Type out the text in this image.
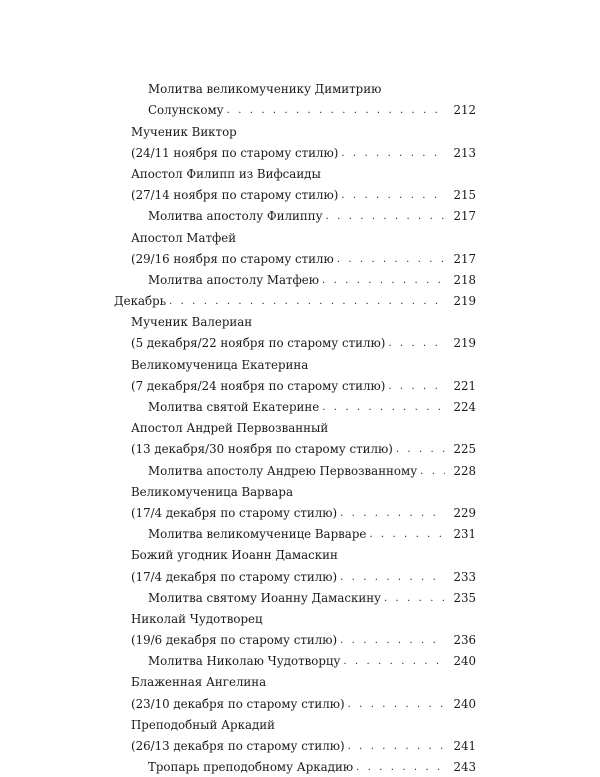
Молитва великомученику Димитрию
Солунскому . . .	212
Мученик Виктор
(24/11 ноября по старому стилю) . . .	213
Апостол Филипп из Вифсаиды
(27/14 ноября по старому стилю) . . .	215
Молитва апостолу Филиппу . . .	217
Апостол Матфей
(29/16 ноября по старому стилю . . .	217
Молитва апостолу Матфею . . .	218
Декабрь . . .	219
Мученик Валериан
(5 декабря/22 ноября по старому стилю) . . .	219
Великомученица Екатерина
(7 декабря/24 ноября по старому стилю) . . .	221
Молитва святой Екатерине . . .	224
Апостол Андрей Первозванный
(13 декабря/30 ноября по старому стилю) . . .	225
Молитва апостолу Андрею Первозванному . . .	228
Великомученица Варвара
(17/4 декабря по старому стилю) . . .	229
Молитва великомученице Варваре . . .	231
Божий угодник Иоанн Дамаскин
(17/4 декабря по старому стилю) . . .	233
Молитва святому Иоанну Дамаскину . . .	235
Николай Чудотворец
(19/6 декабря по старому стилю) . . .	236
Молитва Николаю Чудотворцу . . .	240
Блаженная Ангелина
(23/10 декабря по старому стилю) . . .	240
Преподобный Аркадий
(26/13 декабря по старому стилю) . . .	241
Тропарь преподобному Аркадию . . .	243
